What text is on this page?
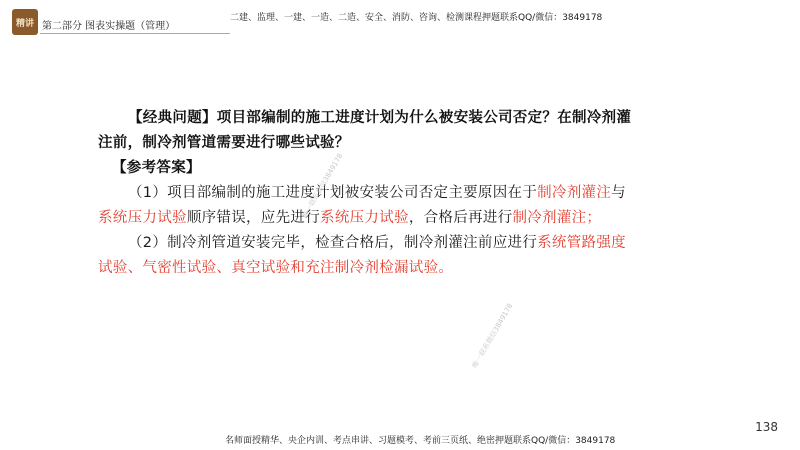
精讲 第二部分 图表实操题（管理）
二建、监理、一建、一造、二造、安全、消防、咨询、检测课程押题联系QQ/微信：3849178

【经典问题】项目部编制的施工进度计划为什么被安装公司否定？在制冷剂灌注前，制冷剂管道需要进行哪些试验？

【参考答案】

（1）项目部编制的施工进度计划被安装公司否定主要原因在于制冷剂灌注与系统压力试验顺序错误，应先进行系统压力试验，合格后再进行制冷剂灌注；

（2）制冷剂管道安装完毕，检查合格后，制冷剂灌注前应进行系统管路强度试验、气密性试验、真空试验和充注制冷剂检漏试验。

唯一联系微信3849178
唯一联系微信3849178
138
名师面授精华、央企内训、考点串讲、习题模考、考前三页纸、绝密押题联系QQ/微信：3849178
